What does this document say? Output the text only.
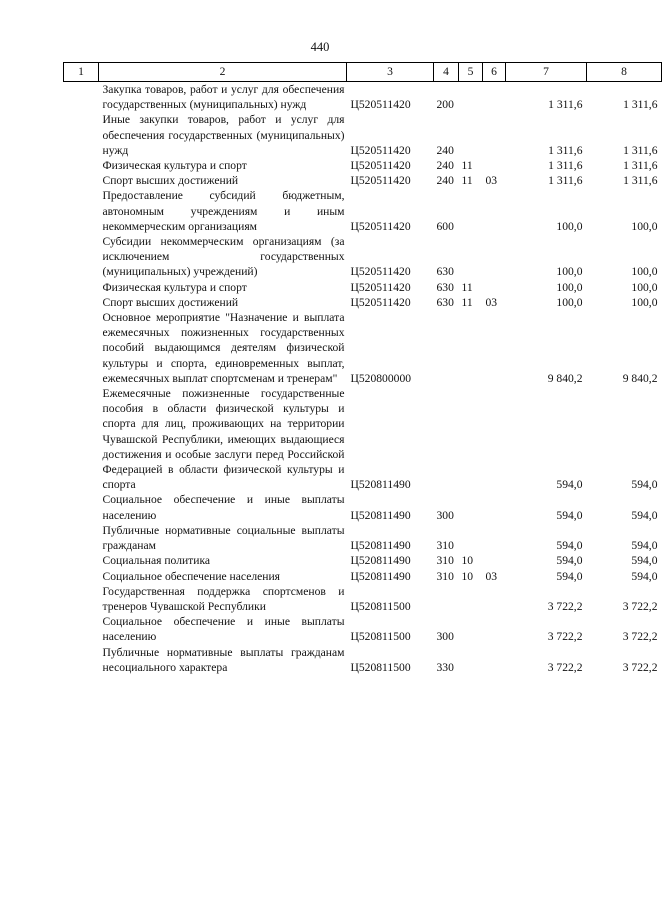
440
1	2	3	4	5	6	7	8
	Закупка товаров, работ и услуг для обеспечения государственных (муниципальных) нужд	Ц520511420	200			1 311,6	1 311,6
	Иные закупки товаров, работ и услуг для обеспечения государственных (муниципальных) нужд	Ц520511420	240			1 311,6	1 311,6
	Физическая культура и спорт	Ц520511420	240	11		1 311,6	1 311,6
	Спорт высших достижений	Ц520511420	240	11	03	1 311,6	1 311,6
	Предоставление субсидий бюджетным, автономным учреждениям и иным некоммерческим организациям	Ц520511420	600			100,0	100,0
	Субсидии некоммерческим организациям (за исключением государственных (муниципальных) учреждений)	Ц520511420	630			100,0	100,0
	Физическая культура и спорт	Ц520511420	630	11		100,0	100,0
	Спорт высших достижений	Ц520511420	630	11	03	100,0	100,0
	Основное мероприятие "Назначение и выплата ежемесячных пожизненных государственных пособий выдающимся деятелям физической культуры и спорта, единовременных выплат, ежемесячных выплат спортсменам и тренерам"	Ц520800000				9 840,2	9 840,2
	Ежемесячные пожизненные государственные пособия в области физической культуры и спорта для лиц, проживающих на территории Чувашской Республики, имеющих выдающиеся достижения и особые заслуги перед Российской Федерацией в области физической культуры и спорта	Ц520811490				594,0	594,0
	Социальное обеспечение и иные выплаты населению	Ц520811490	300			594,0	594,0
	Публичные нормативные социальные выплаты гражданам	Ц520811490	310			594,0	594,0
	Социальная политика	Ц520811490	310	10		594,0	594,0
	Социальное обеспечение населения	Ц520811490	310	10	03	594,0	594,0
	Государственная поддержка спортсменов и тренеров Чувашской Республики	Ц520811500				3 722,2	3 722,2
	Социальное обеспечение и иные выплаты населению	Ц520811500	300			3 722,2	3 722,2
	Публичные нормативные выплаты гражданам несоциального характера	Ц520811500	330			3 722,2	3 722,2
